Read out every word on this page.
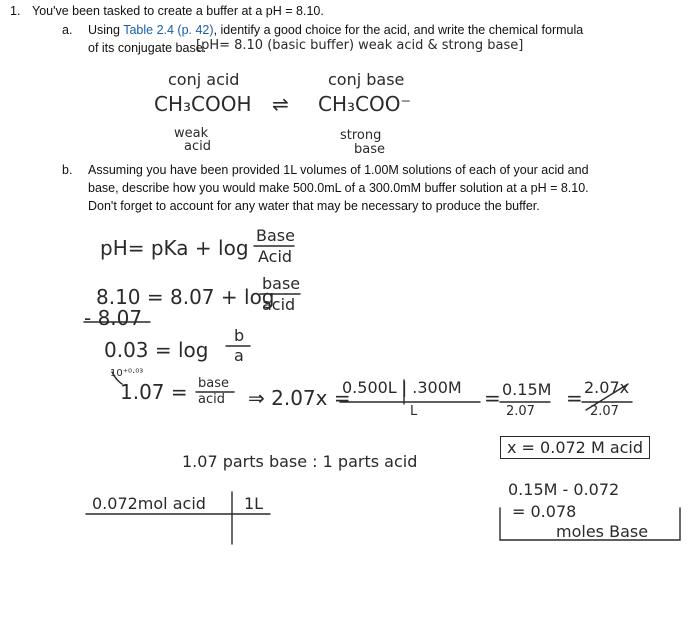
1. You've been tasked to create a buffer at a pH = 8.10.
a. Using Table 2.4 (p. 42), identify a good choice for the acid, and write the chemical formula
of its conjugate base.
[pH= 8.10 (basic buffer) weak acid & strong base]
conj acid	conj base
CH₃COOH ⇌ CH₃COO⁻
weak
acid
strong
base
b. Assuming you have been provided 1L volumes of 1.00M solutions of each of your acid and
base, describe how you would make 500.0mL of a 300.0mM buffer solution at a pH = 8.10.
Don't forget to account for any water that may be necessary to produce the buffer.
pH= pKa + log
Base
Acid
8.10 = 8.07 + log
base
acid
- 8.07
0.03 = log
b
a
10⁺⁰·⁰³
1.07 = base
acid ⇒ 2.07x =
0.500L | .300M
L
= 0.15M
2.07
= 2.07x
2.07
1.07 parts base : 1 parts acid
x = 0.072 M acid
0.072mol acid 1L
0.15M - 0.072
= 0.078
moles Base
